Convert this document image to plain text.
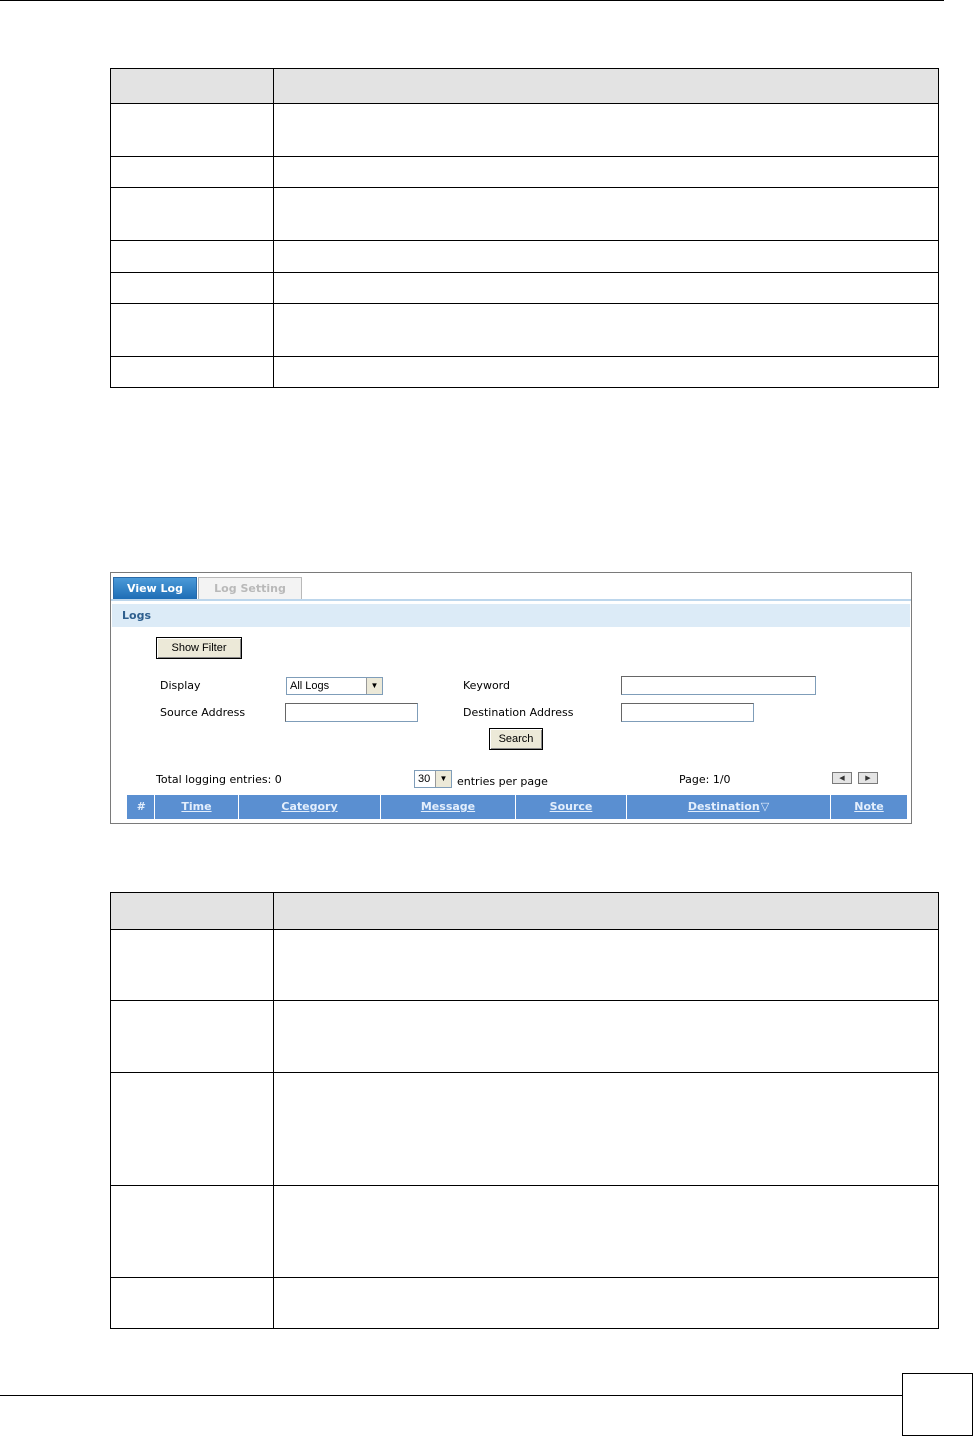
View Log	Log Setting
Logs
Show Filter
Display	All Logs	▼	Keyword
Source Address	Destination Address
Search
Total logging entries: 0	30	▼ entries per page	Page: 1/0	◀	▶
#	Time	Category	Message	Source	Destination▽	Note
